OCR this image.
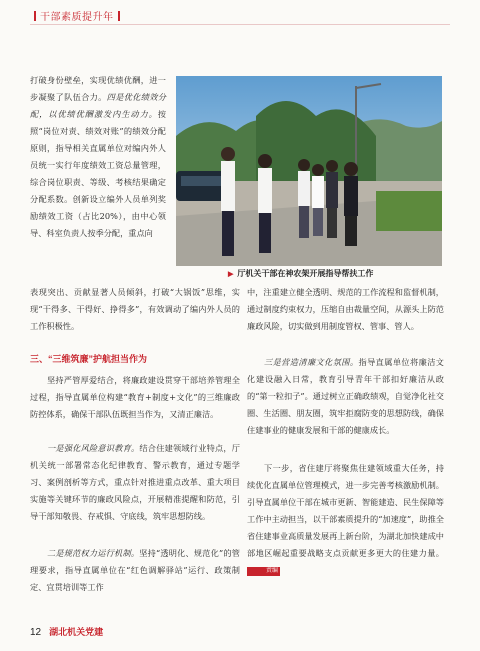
干部素质提升年
打破身份壁垒，实现优绩优酬，进一步凝聚了队伍合力。四是优化绩效分配，以优绩优酬激发内生动力。按照“岗位对责、绩效对账”的绩效分配原则，指导相关直属单位对编内外人员统一实行年度绩效工资总量管理，综合岗位职责、等级、考核结果确定分配系数。创新设立编外人员单列奖励绩效工资（占比20%），由中心领导、科室负责人按季分配，重点向
▶ 厅机关干部在神农架开展指导帮扶工作
表现突出、贡献显著人员倾斜，打破“大锅饭”思维，实现“干得多、干得好、挣得多”，有效调动了编内外人员的工作积极性。
三、“三维筑廉”护航担当作为
坚持严管厚爱结合，将廉政建设贯穿干部培养管理全过程，指导直属单位构建“教育+制度+文化”的三维廉政防控体系，确保干部队伍既担当作为，又清正廉洁。
一是强化风险意识教育。结合住建领域行业特点，厅机关统一部署常态化纪律教育、警示教育，通过专题学习、案例剖析等方式，重点针对推进重点改革、重大项目实施等关键环节的廉政风险点，开展精准提醒和防范，引导干部知敬畏、存戒惧、守底线，筑牢思想防线。
二是规范权力运行机制。坚持“透明化、规范化”的管理要求，指导直属单位在“红色调解驿站”运行、政策制定、宜贯培训等工作
中，注重建立健全透明、规范的工作流程和监督机制，通过制度约束权力，压缩自由裁量空间，从源头上防范廉政风险，切实做到用制度管权、管事、管人。
三是营造清廉文化氛围。指导直属单位将廉洁文化建设融入日常，教育引导青年干部扣好廉洁从政的“第一粒扣子”。通过树立正确政绩观，自觉净化社交圈、生活圈、朋友圈，筑牢拒腐防变的思想防线，确保住建事业的健康发展和干部的健康成长。
下一步，省住建厅将聚焦住建领域重大任务，持续优化直属单位管理模式，进一步完善考核激励机制。引导直属单位干部在城市更新、智能建造、民生保障等工作中主动担当，以干部素质提升的“加速度”，助推全省住建事业高质量发展再上新台阶，为湖北加快建成中部地区崛起重要战略支点贡献更多更大的住建力量。责编
12 湖北机关党建
